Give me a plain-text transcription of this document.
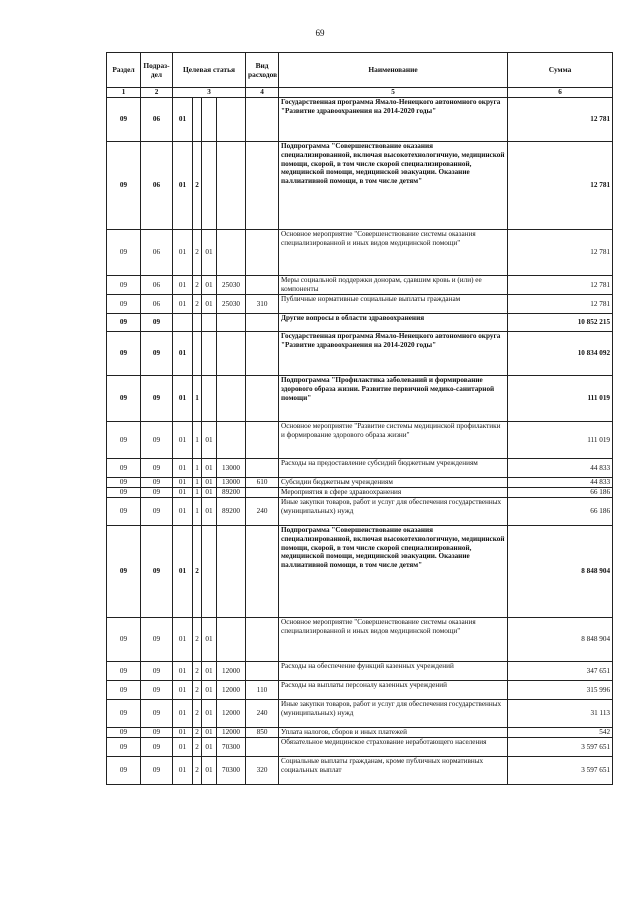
69
Раздел	Подраз-дел	Целевая статья				Вид расходов	Наименование	Сумма
1	2	3				4	5	6
09	06	01					Государственная программа Ямало-Ненецкого автономного округа "Развитие здравоохранения на 2014-2020 годы"	12 781
09	06	01	2				Подпрограмма "Совершенствование оказания специализированной, включая высокотехнологичную, медицинской помощи, скорой, в том числе скорой специализированной, медицинской помощи, медицинской эвакуации. Оказание паллиативной помощи, в том числе детям"	12 781
09	06	01	2	01			Основное мероприятие "Совершенствование системы оказания специализированной и иных видов медицинской помощи"	12 781
09	06	01	2	01	25030		Меры социальной поддержки донорам, сдавшим кровь и (или) ее компоненты	12 781
09	06	01	2	01	25030	310	Публичные нормативные социальные выплаты гражданам	12 781
09	09						Другие вопросы в области здравоохранения	10 852 215
09	09	01					Государственная программа Ямало-Ненецкого автономного округа "Развитие здравоохранения на 2014-2020 годы"	10 834 092
09	09	01	1				Подпрограмма "Профилактика заболеваний и формирование здорового образа жизни. Развитие первичной медико-санитарной помощи"	111 019
09	09	01	1	01			Основное мероприятие "Развитие системы медицинской профилактики и формирование здорового образа жизни"	111 019
09	09	01	1	01	13000		Расходы на предоставление субсидий бюджетным учреждениям	44 833
09	09	01	1	01	13000	610	Субсидии бюджетным учреждениям	44 833
09	09	01	1	01	89200		Мероприятия в сфере здравоохранения	66 186
09	09	01	1	01	89200	240	Иные закупки товаров, работ и услуг для обеспечения государственных (муниципальных) нужд	66 186
09	09	01	2				Подпрограмма "Совершенствование оказания специализированной, включая высокотехнологичную, медицинской помощи, скорой, в том числе скорой специализированной, медицинской помощи, медицинской эвакуации. Оказание паллиативной помощи, в том числе детям"	8 848 904
09	09	01	2	01			Основное мероприятие "Совершенствование системы оказания специализированной и иных видов медицинской помощи"	8 848 904
09	09	01	2	01	12000		Расходы на обеспечение функций казенных учреждений	347 651
09	09	01	2	01	12000	110	Расходы на выплаты персоналу казенных учреждений	315 996
09	09	01	2	01	12000	240	Иные закупки товаров, работ и услуг для обеспечения государственных (муниципальных) нужд	31 113
09	09	01	2	01	12000	850	Уплата налогов, сборов и иных платежей	542
09	09	01	2	01	70300		Обязательное медицинское страхование неработающего населения	3 597 651
09	09	01	2	01	70300	320	Социальные выплаты гражданам, кроме публичных нормативных социальных выплат	3 597 651
